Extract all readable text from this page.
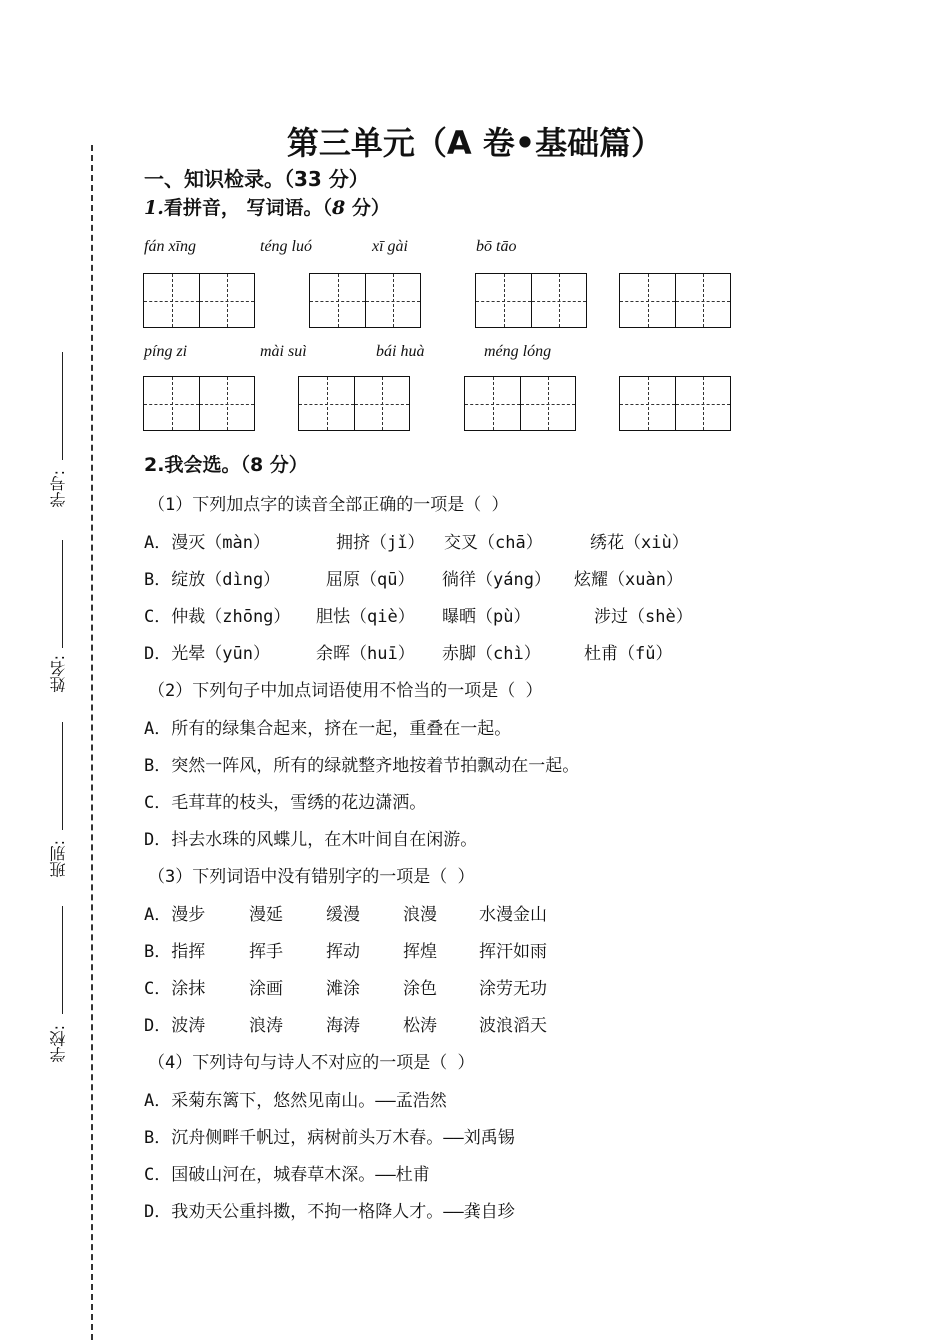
学号:
姓名:
班别:
学校:
第三单元（A 卷•基础篇）
一、知识检录。（33 分）
1.看拼音， 写词语。（8 分）
fán xīng	téng luó	xī gài	bō tāo
píng zi	mài suì	bái huà	méng lóng
2.我会选。（8 分）
（1）下列加点字的读音全部正确的一项是（ ）
A．漫灭（màn）	拥挤（jǐ） 交叉（chā）	绣花（xiù）
B．绽放（dìng）	屈原（qū） 徜徉（yáng） 炫耀（xuàn）
C．仲裁（zhōng） 胆怯（qiè） 曝晒（pù）	涉过（shè）
D．光晕（yūn）	余晖（huī） 赤脚（chì）	杜甫（fǔ）
（2）下列句子中加点词语使用不恰当的一项是（ ）
A．所有的绿集合起来，挤在一起，重叠在一起。
B．突然一阵风，所有的绿就整齐地按着节拍飘动在一起。
C．毛茸茸的枝头，雪绣的花边潇洒。
D．抖去水珠的风蝶儿，在木叶间自在闲游。
（3）下列词语中没有错别字的一项是（ ）
A．漫步	漫延	缓漫	浪漫 水漫金山
B．指挥	挥手	挥动	挥煌 挥汗如雨
C．涂抹	涂画	滩涂	涂色 涂劳无功
D．波涛	浪涛	海涛	松涛 波浪滔天
（4）下列诗句与诗人不对应的一项是（ ）
A．采菊东篱下，悠然见南山。——孟浩然
B．沉舟侧畔千帆过，病树前头万木春。——刘禹锡
C．国破山河在，城春草木深。——杜甫
D．我劝天公重抖擞，不拘一格降人才。——龚自珍
